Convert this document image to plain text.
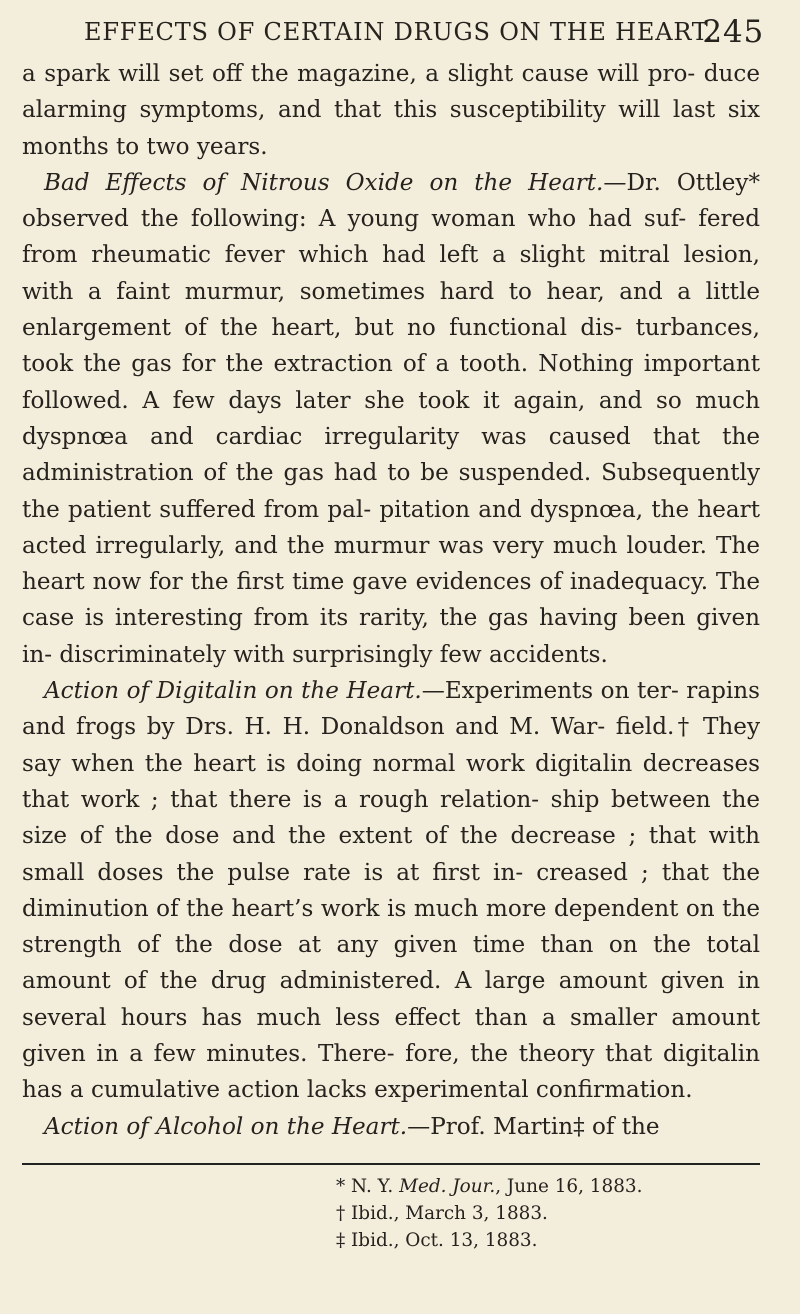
EFFECTS OF CERTAIN DRUGS ON THE HEART.
245

a spark will set off the magazine, a slight cause will pro- duce alarming symptoms, and that this susceptibility will last six months to two years.

Bad Effects of Nitrous Oxide on the Heart.—Dr. Ottley* observed the following: A young woman who had suf- fered from rheumatic fever which had left a slight mitral lesion, with a faint murmur, sometimes hard to hear, and a little enlargement of the heart, but no functional dis- turbances, took the gas for the extraction of a tooth. Nothing important followed. A few days later she took it again, and so much dyspnœa and cardiac irregularity was caused that the administration of the gas had to be suspended. Subsequently the patient suffered from pal- pitation and dyspnœa, the heart acted irregularly, and the murmur was very much louder. The heart now for the first time gave evidences of inadequacy. The case is interesting from its rarity, the gas having been given in- discriminately with surprisingly few accidents.

Action of Digitalin on the Heart.—Experiments on ter- rapins and frogs by Drs. H. H. Donaldson and M. War- field.† They say when the heart is doing normal work digitalin decreases that work ; that there is a rough relation- ship between the size of the dose and the extent of the decrease ; that with small doses the pulse rate is at first in- creased ; that the diminution of the heart’s work is much more dependent on the strength of the dose at any given time than on the total amount of the drug administered. A large amount given in several hours has much less effect than a smaller amount given in a few minutes. There- fore, the theory that digitalin has a cumulative action lacks experimental confirmation.

Action of Alcohol on the Heart.—Prof. Martin‡ of the

* N. Y. Med. Jour., June 16, 1883.

† Ibid., March 3, 1883.

‡ Ibid., Oct. 13, 1883.
